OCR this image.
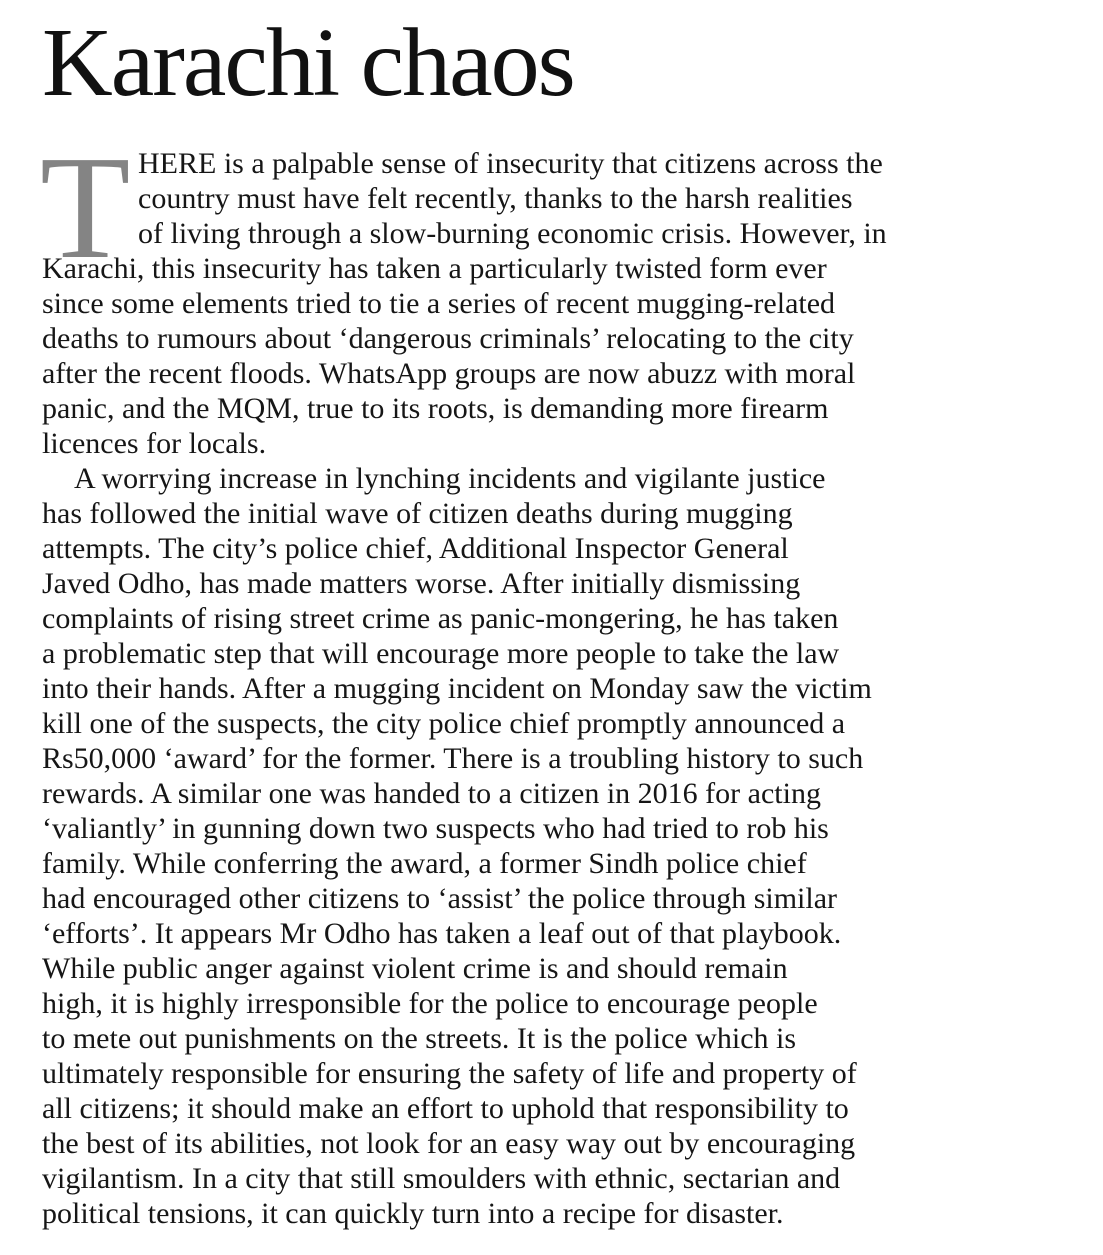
Karachi chaos
T HERE is a palpable sense of insecurity that citizens across the

country must have felt recently, thanks to the harsh realities

of living through a slow-burning economic crisis. However, in

Karachi, this insecurity has taken a particularly twisted form ever

since some elements tried to tie a series of recent mugging-related

deaths to rumours about ‘dangerous criminals’ relocating to the city

after the recent floods. WhatsApp groups are now abuzz with moral

panic, and the MQM, true to its roots, is demanding more firearm

licences for locals.

A worrying increase in lynching incidents and vigilante justice

has followed the initial wave of citizen deaths during mugging

attempts. The city’s police chief, Additional Inspector General

Javed Odho, has made matters worse. After initially dismissing

complaints of rising street crime as panic-mongering, he has taken

a problematic step that will encourage more people to take the law

into their hands. After a mugging incident on Monday saw the victim

kill one of the suspects, the city police chief promptly announced a

Rs50,000 ‘award’ for the former. There is a troubling history to such

rewards. A similar one was handed to a citizen in 2016 for acting

‘valiantly’ in gunning down two suspects who had tried to rob his

family. While conferring the award, a former Sindh police chief

had encouraged other citizens to ‘assist’ the police through similar

‘efforts’. It appears Mr Odho has taken a leaf out of that playbook.

While public anger against violent crime is and should remain

high, it is highly irresponsible for the police to encourage people

to mete out punishments on the streets. It is the police which is

ultimately responsible for ensuring the safety of life and property of

all citizens; it should make an effort to uphold that responsibility to

the best of its abilities, not look for an easy way out by encouraging

vigilantism. In a city that still smoulders with ethnic, sectarian and

political tensions, it can quickly turn into a recipe for disaster.
